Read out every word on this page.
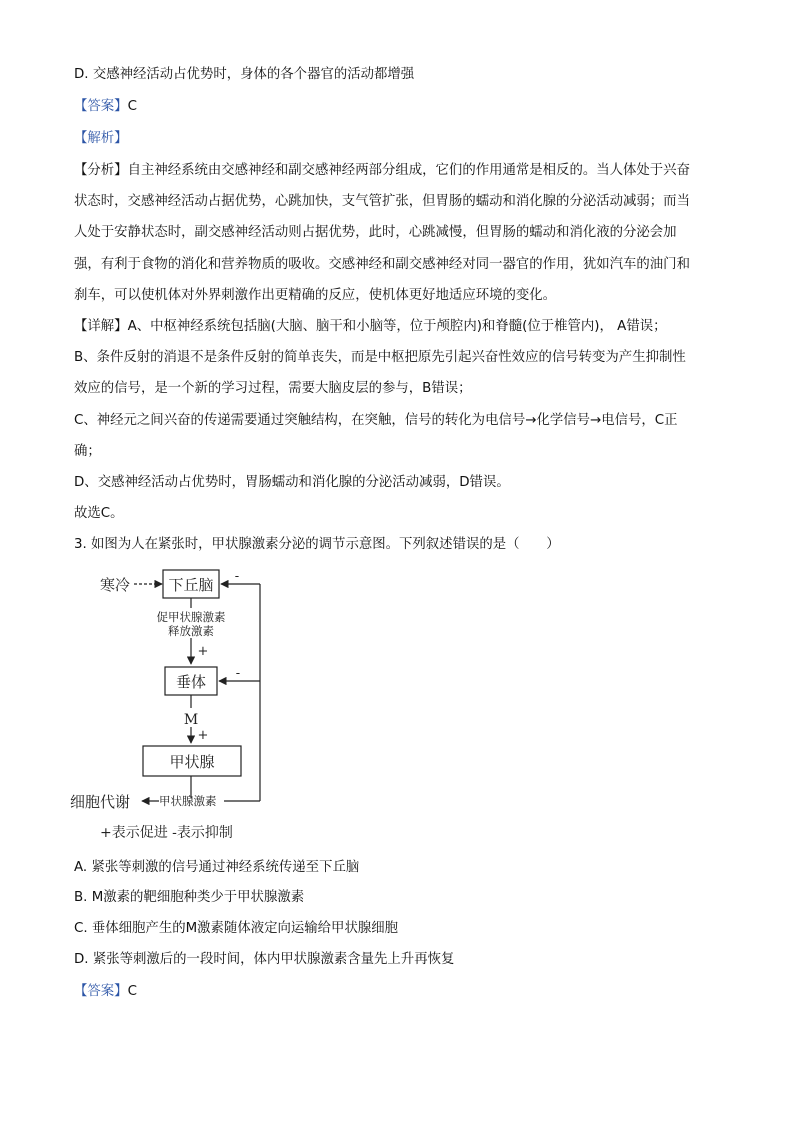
D. 交感神经活动占优势时，身体的各个器官的活动都增强
【答案】C
【解析】
【分析】自主神经系统由交感神经和副交感神经两部分组成，它们的作用通常是相反的。当人体处于兴奋
状态时，交感神经活动占据优势，心跳加快，支气管扩张，但胃肠的蠕动和消化腺的分泌活动减弱；而当
人处于安静状态时，副交感神经活动则占据优势，此时，心跳减慢，但胃肠的蠕动和消化液的分泌会加
强，有利于食物的消化和营养物质的吸收。交感神经和副交感神经对同一器官的作用，犹如汽车的油门和
刹车，可以使机体对外界刺激作出更精确的反应，使机体更好地适应环境的变化。
【详解】A、中枢神经系统包括脑(大脑、脑干和小脑等，位于颅腔内)和脊髓(位于椎管内)， A错误；
B、条件反射的消退不是条件反射的简单丧失，而是中枢把原先引起兴奋性效应的信号转变为产生抑制性
效应的信号，是一个新的学习过程，需要大脑皮层的参与，B错误；
C、神经元之间兴奋的传递需要通过突触结构，在突触，信号的转化为电信号→化学信号→电信号，C正
确；
D、交感神经活动占优势时，胃肠蠕动和消化腺的分泌活动减弱，D错误。
故选C。
3. 如图为人在紧张时，甲状腺激素分泌的调节示意图。下列叙述错误的是（　　）
寒冷	下丘脑 -
促甲状腺激素
释放激素
+
垂体 -
M
+
甲状腺
细胞代谢	甲状腺激素
+表示促进 -表示抑制
A. 紧张等刺激的信号通过神经系统传递至下丘脑
B. M激素的靶细胞种类少于甲状腺激素
C. 垂体细胞产生的M激素随体液定向运输给甲状腺细胞
D. 紧张等刺激后的一段时间，体内甲状腺激素含量先上升再恢复
【答案】C
